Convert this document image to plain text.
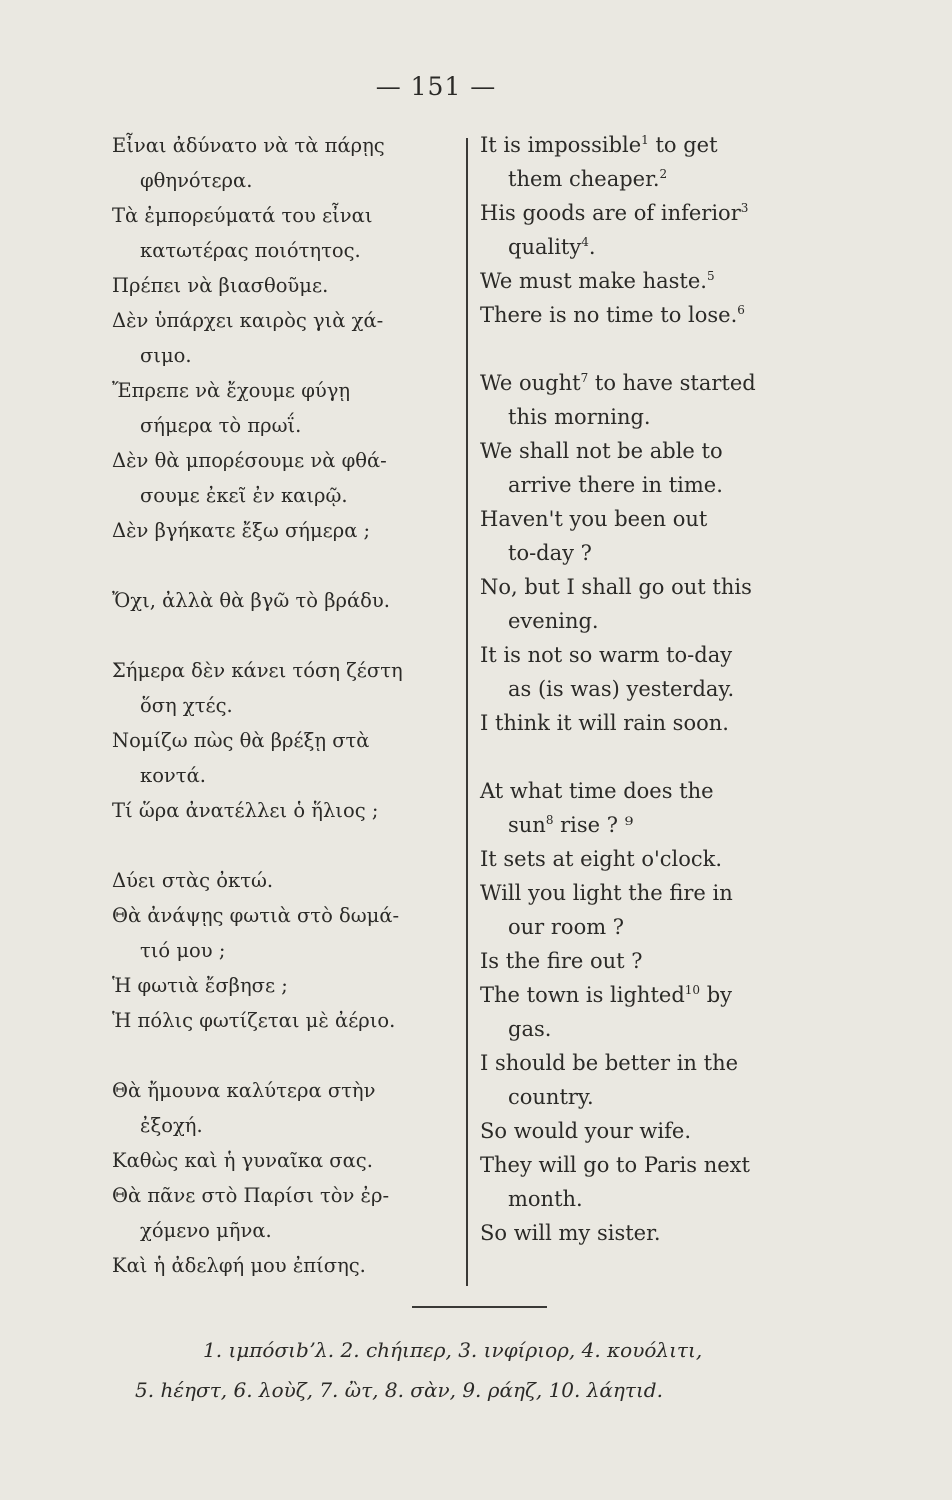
— 151 —
Εἶναι ἀδύνατο νὰ τὰ πάρῃς
φθηνότερα.
Τὰ ἐμπορεύματά του εἶναι
κατωτέρας ποιότητος.
Πρέπει νὰ βιασθοῦμε.
Δὲν ὑπάρχει καιρὸς γιὰ χά-
σιμο.
Ἔπρεπε νὰ ἔχουμε φύγῃ
σήμερα τὸ πρωΐ.
Δὲν θὰ μπορέσουμε νὰ φθά-
σουμε ἐκεῖ ἐν καιρῷ.
Δὲν βγήκατε ἔξω σήμερα ;
Ὄχι, ἀλλὰ θὰ βγῶ τὸ βράδυ.
Σήμερα δὲν κάνει τόση ζέστη
ὅση χτές.
Νομίζω πὼς θὰ βρέξῃ στὰ
κοντά.
Τί ὥρα ἀνατέλλει ὁ ἥλιος ;
Δύει στὰς ὀκτώ.
Θὰ ἀνάψῃς φωτιὰ στὸ δωμά-
τιό μου ;
Ἡ φωτιὰ ἔσβησε ;
Ἡ πόλις φωτίζεται μὲ ἀέριο.
Θὰ ἤμουνα καλύτερα στὴν
ἐξοχή.
Καθὼς καὶ ἡ γυναῖκα σας.
Θὰ πᾶνε στὸ Παρίσι τὸν ἐρ-
χόμενο μῆνα.
Καὶ ἡ ἀδελφή μου ἐπίσης.
It is impossible$^1$ to get
them cheaper.$^2$
His goods are of inferior$^3$
quality$^4$.
We must make haste.$^5$
There is no time to lose.$^6$
We ought$^7$ to have started
this morning.
We shall not be able to
arrive there in time.
Haven't you been out
to-day ?
No, but I shall go out this
evening.
It is not so warm to-day
as (is was) yesterday.
I think it will rain soon.
At what time does the
sun$^8$ rise ? ⁹
It sets at eight o'clock.
Will you light the fire in
our room ?
Is the fire out ?
The town is lighted$^{10}$ by
gas.
I should be better in the
country.
So would your wife.
They will go to Paris next
month.
So will my sister.
1. ιμπόσιbʼλ. 2. chήιπερ, 3. ινφίριορ, 4. κουόλιτι,
5. hέηστ, 6. λοὺζ, 7. ὢτ, 8. σὰν, 9. ράηζ, 10. λάητιd.
